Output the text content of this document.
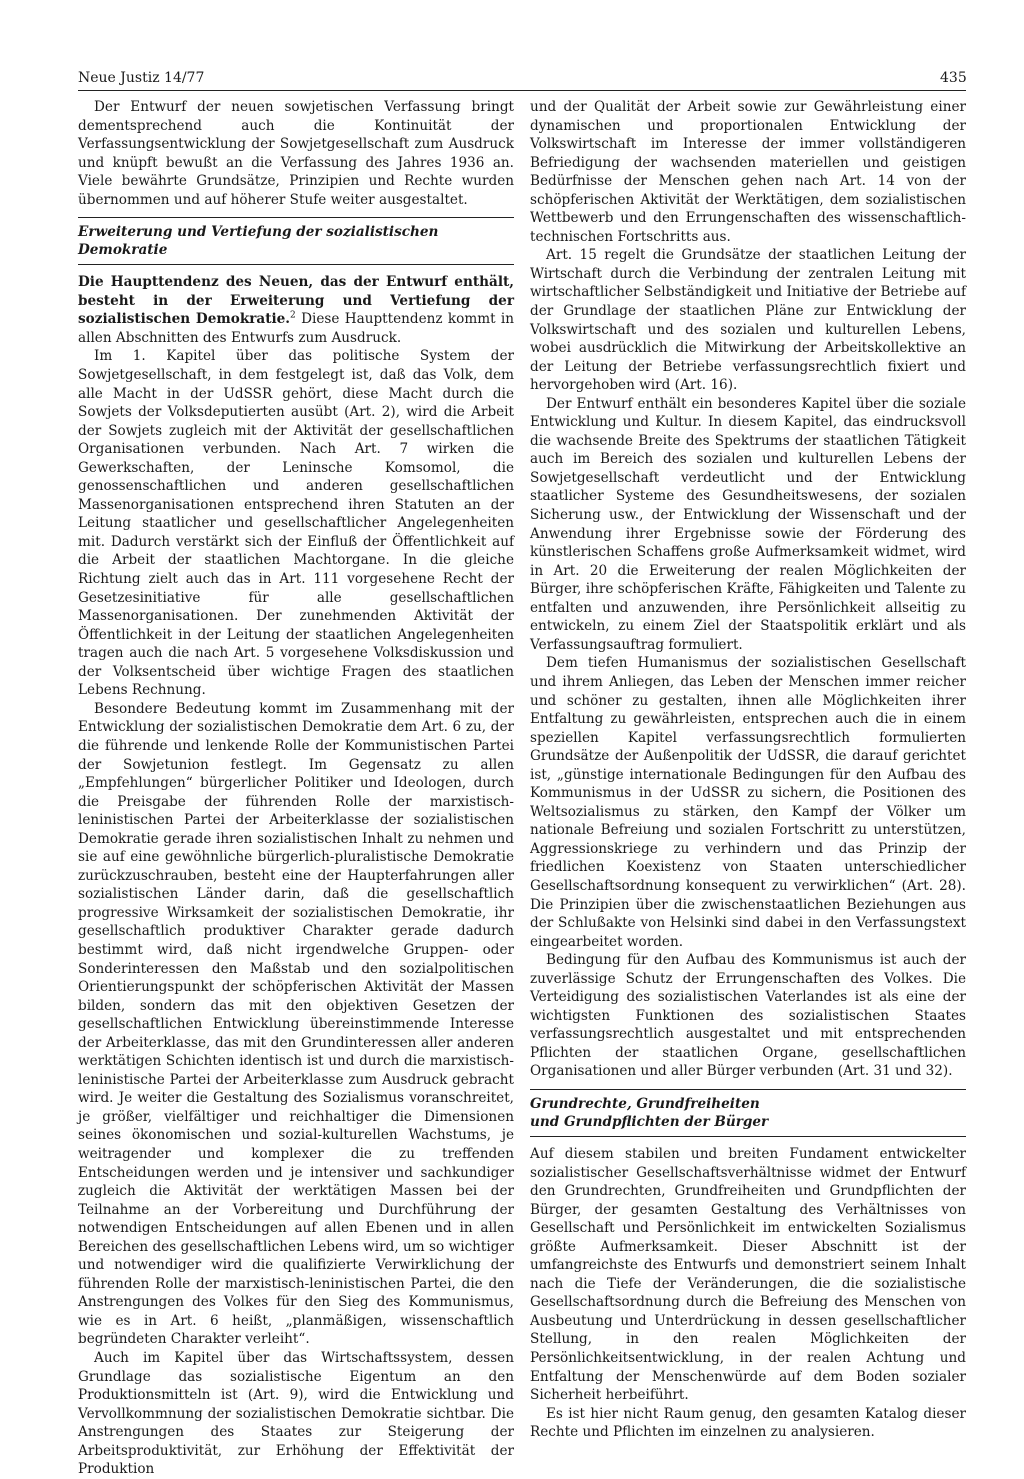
Neue Justiz 14/77	435

Der Entwurf der neuen sowjetischen Verfassung bringt dementsprechend auch die Kontinuität der Verfassungsentwicklung der Sowjetgesellschaft zum Ausdruck und knüpft bewußt an die Verfassung des Jahres 1936 an. Viele bewährte Grundsätze, Prinzipien und Rechte wurden übernommen und auf höherer Stufe weiter ausgestaltet.

Erweiterung und Vertiefung der sozialistischen Demokratie

Die Haupttendenz des Neuen, das der Entwurf enthält, besteht in der Erweiterung und Vertiefung der sozialistischen Demokratie.$^2$ Diese Haupttendenz kommt in allen Abschnitten des Entwurfs zum Ausdruck.

Im 1. Kapitel über das politische System der Sowjetgesellschaft, in dem festgelegt ist, daß das Volk, dem alle Macht in der UdSSR gehört, diese Macht durch die Sowjets der Volksdeputierten ausübt (Art. 2), wird die Arbeit der Sowjets zugleich mit der Aktivität der gesellschaftlichen Organisationen verbunden. Nach Art. 7 wirken die Gewerkschaften, der Leninsche Komsomol, die genossenschaftlichen und anderen gesellschaftlichen Massenorganisationen entsprechend ihren Statuten an der Leitung staatlicher und gesellschaftlicher Angelegenheiten mit. Dadurch verstärkt sich der Einfluß der Öffentlichkeit auf die Arbeit der staatlichen Machtorgane. In die gleiche Richtung zielt auch das in Art. 111 vorgesehene Recht der Gesetzesinitiative für alle gesellschaftlichen Massenorganisationen. Der zunehmenden Aktivität der Öffentlichkeit in der Leitung der staatlichen Angelegenheiten tragen auch die nach Art. 5 vorgesehene Volksdiskussion und der Volksentscheid über wichtige Fragen des staatlichen Lebens Rechnung.

Besondere Bedeutung kommt im Zusammenhang mit der Entwicklung der sozialistischen Demokratie dem Art. 6 zu, der die führende und lenkende Rolle der Kommunistischen Partei der Sowjetunion festlegt. Im Gegensatz zu allen „Empfehlungen“ bürgerlicher Politiker und Ideologen, durch die Preisgabe der führenden Rolle der marxistisch-leninistischen Partei der Arbeiterklasse der sozialistischen Demokratie gerade ihren sozialistischen Inhalt zu nehmen und sie auf eine gewöhnliche bürgerlich-pluralistische Demokratie zurückzuschrauben, besteht eine der Haupterfahrungen aller sozialistischen Länder darin, daß die gesellschaftlich progressive Wirksamkeit der sozialistischen Demokratie, ihr gesellschaftlich produktiver Charakter gerade dadurch bestimmt wird, daß nicht irgendwelche Gruppen- oder Sonderinteressen den Maßstab und den sozialpolitischen Orientierungspunkt der schöpferischen Aktivität der Massen bilden, sondern das mit den objektiven Gesetzen der gesellschaftlichen Entwicklung übereinstimmende Interesse der Arbeiterklasse, das mit den Grundinteressen aller anderen werktätigen Schichten identisch ist und durch die marxistisch-leninistische Partei der Arbeiterklasse zum Ausdruck gebracht wird. Je weiter die Gestaltung des Sozialismus voranschreitet, je größer, vielfältiger und reichhaltiger die Dimensionen seines ökonomischen und sozial-kulturellen Wachstums, je weitragender und komplexer die zu treffenden Entscheidungen werden und je intensiver und sachkundiger zugleich die Aktivität der werktätigen Massen bei der Teilnahme an der Vorbereitung und Durchführung der notwendigen Entscheidungen auf allen Ebenen und in allen Bereichen des gesellschaftlichen Lebens wird, um so wichtiger und notwendiger wird die qualifizierte Verwirklichung der führenden Rolle der marxistisch-leninistischen Partei, die den Anstrengungen des Volkes für den Sieg des Kommunismus, wie es in Art. 6 heißt, „planmäßigen, wissenschaftlich begründeten Charakter verleiht“.

Auch im Kapitel über das Wirtschaftssystem, dessen Grundlage das sozialistische Eigentum an den Produktionsmitteln ist (Art. 9), wird die Entwicklung und Vervollkommnung der sozialistischen Demokratie sichtbar. Die Anstrengungen des Staates zur Steigerung der Arbeitsproduktivität, zur Erhöhung der Effektivität der Produktion

und der Qualität der Arbeit sowie zur Gewährleistung einer dynamischen und proportionalen Entwicklung der Volkswirtschaft im Interesse der immer vollständigeren Befriedigung der wachsenden materiellen und geistigen Bedürfnisse der Menschen gehen nach Art. 14 von der schöpferischen Aktivität der Werktätigen, dem sozialistischen Wettbewerb und den Errungenschaften des wissenschaftlich-technischen Fortschritts aus.

Art. 15 regelt die Grundsätze der staatlichen Leitung der Wirtschaft durch die Verbindung der zentralen Leitung mit wirtschaftlicher Selbständigkeit und Initiative der Betriebe auf der Grundlage der staatlichen Pläne zur Entwicklung der Volkswirtschaft und des sozialen und kulturellen Lebens, wobei ausdrücklich die Mitwirkung der Arbeitskollektive an der Leitung der Betriebe verfassungsrechtlich fixiert und hervorgehoben wird (Art. 16).

Der Entwurf enthält ein besonderes Kapitel über die soziale Entwicklung und Kultur. In diesem Kapitel, das eindrucksvoll die wachsende Breite des Spektrums der staatlichen Tätigkeit auch im Bereich des sozialen und kulturellen Lebens der Sowjetgesellschaft verdeutlicht und der Entwicklung staatlicher Systeme des Gesundheitswesens, der sozialen Sicherung usw., der Entwicklung der Wissenschaft und der Anwendung ihrer Ergebnisse sowie der Förderung des künstlerischen Schaffens große Aufmerksamkeit widmet, wird in Art. 20 die Erweiterung der realen Möglichkeiten der Bürger, ihre schöpferischen Kräfte, Fähigkeiten und Talente zu entfalten und anzuwenden, ihre Persönlichkeit allseitig zu entwickeln, zu einem Ziel der Staatspolitik erklärt und als Verfassungsauftrag formuliert.

Dem tiefen Humanismus der sozialistischen Gesellschaft und ihrem Anliegen, das Leben der Menschen immer reicher und schöner zu gestalten, ihnen alle Möglichkeiten ihrer Entfaltung zu gewährleisten, entsprechen auch die in einem speziellen Kapitel verfassungsrechtlich formulierten Grundsätze der Außenpolitik der UdSSR, die darauf gerichtet ist, „günstige internationale Bedingungen für den Aufbau des Kommunismus in der UdSSR zu sichern, die Positionen des Weltsozialismus zu stärken, den Kampf der Völker um nationale Befreiung und sozialen Fortschritt zu unterstützen, Aggressionskriege zu verhindern und das Prinzip der friedlichen Koexistenz von Staaten unterschiedlicher Gesellschaftsordnung konsequent zu verwirklichen“ (Art. 28). Die Prinzipien über die zwischenstaatlichen Beziehungen aus der Schlußakte von Helsinki sind dabei in den Verfassungstext eingearbeitet worden.

Bedingung für den Aufbau des Kommunismus ist auch der zuverlässige Schutz der Errungenschaften des Volkes. Die Verteidigung des sozialistischen Vaterlandes ist als eine der wichtigsten Funktionen des sozialistischen Staates verfassungsrechtlich ausgestaltet und mit entsprechenden Pflichten der staatlichen Organe, gesellschaftlichen Organisationen und aller Bürger verbunden (Art. 31 und 32).

Grundrechte, Grundfreiheiten
und Grundpflichten der Bürger

Auf diesem stabilen und breiten Fundament entwickelter sozialistischer Gesellschaftsverhältnisse widmet der Entwurf den Grundrechten, Grundfreiheiten und Grundpflichten der Bürger, der gesamten Gestaltung des Verhältnisses von Gesellschaft und Persönlichkeit im entwickelten Sozialismus größte Aufmerksamkeit. Dieser Abschnitt ist der umfangreichste des Entwurfs und demonstriert seinem Inhalt nach die Tiefe der Veränderungen, die die sozialistische Gesellschaftsordnung durch die Befreiung des Menschen von Ausbeutung und Unterdrückung in dessen gesellschaftlicher Stellung, in den realen Möglichkeiten der Persönlichkeitsentwicklung, in der realen Achtung und Entfaltung der Menschenwürde auf dem Boden sozialer Sicherheit herbeiführt.

Es ist hier nicht Raum genug, den gesamten Katalog dieser Rechte und Pflichten im einzelnen zu analysieren.
